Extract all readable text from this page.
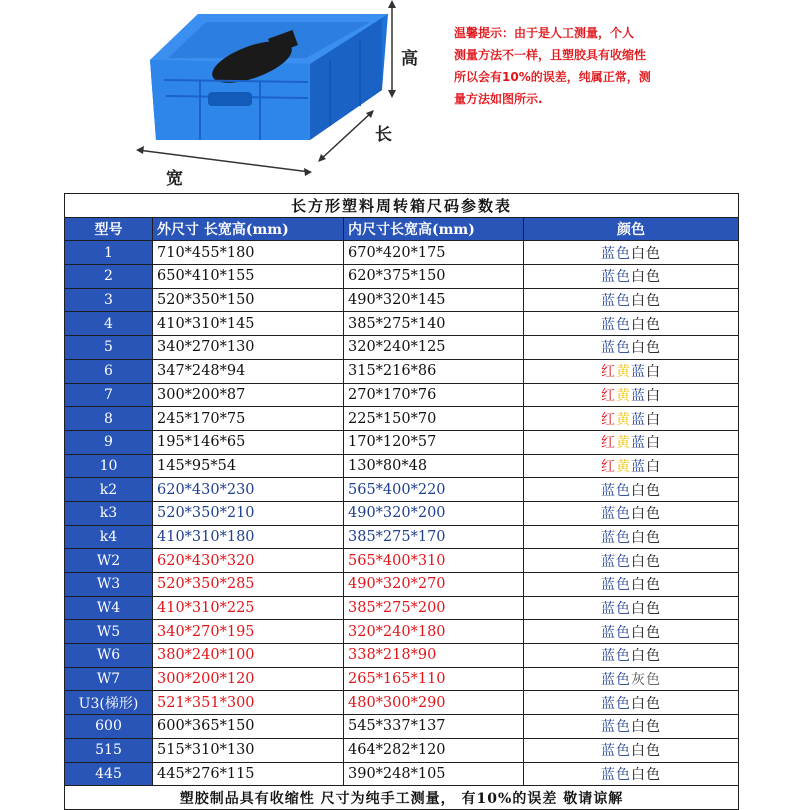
高
长
宽
温馨提示：由于是人工测量，个人
测量方法不一样，且塑胶具有收缩性
所以会有10%的误差，纯属正常，测
量方法如图所示.
长方形塑料周转箱尺码参数表			
型号	外尺寸 长宽高(mm)	内尺寸长宽高(mm)	颜色
1	710*455*180	670*420*175	蓝色白色
2	650*410*155	620*375*150	蓝色白色
3	520*350*150	490*320*145	蓝色白色
4	410*310*145	385*275*140	蓝色白色
5	340*270*130	320*240*125	蓝色白色
6	347*248*94	315*216*86	红黄蓝白
7	300*200*87	270*170*76	红黄蓝白
8	245*170*75	225*150*70	红黄蓝白
9	195*146*65	170*120*57	红黄蓝白
10	145*95*54	130*80*48	红黄蓝白
k2	620*430*230	565*400*220	蓝色白色
k3	520*350*210	490*320*200	蓝色白色
k4	410*310*180	385*275*170	蓝色白色
W2	620*430*320	565*400*310	蓝色白色
W3	520*350*285	490*320*270	蓝色白色
W4	410*310*225	385*275*200	蓝色白色
W5	340*270*195	320*240*180	蓝色白色
W6	380*240*100	338*218*90	蓝色白色
W7	300*200*120	265*165*110	蓝色灰色
U3(梯形)	521*351*300	480*300*290	蓝色白色
600	600*365*150	545*337*137	蓝色白色
515	515*310*130	464*282*120	蓝色白色
445	445*276*115	390*248*105	蓝色白色
塑胶制品具有收缩性 尺寸为纯手工测量， 有10%的误差 敬请谅解			
